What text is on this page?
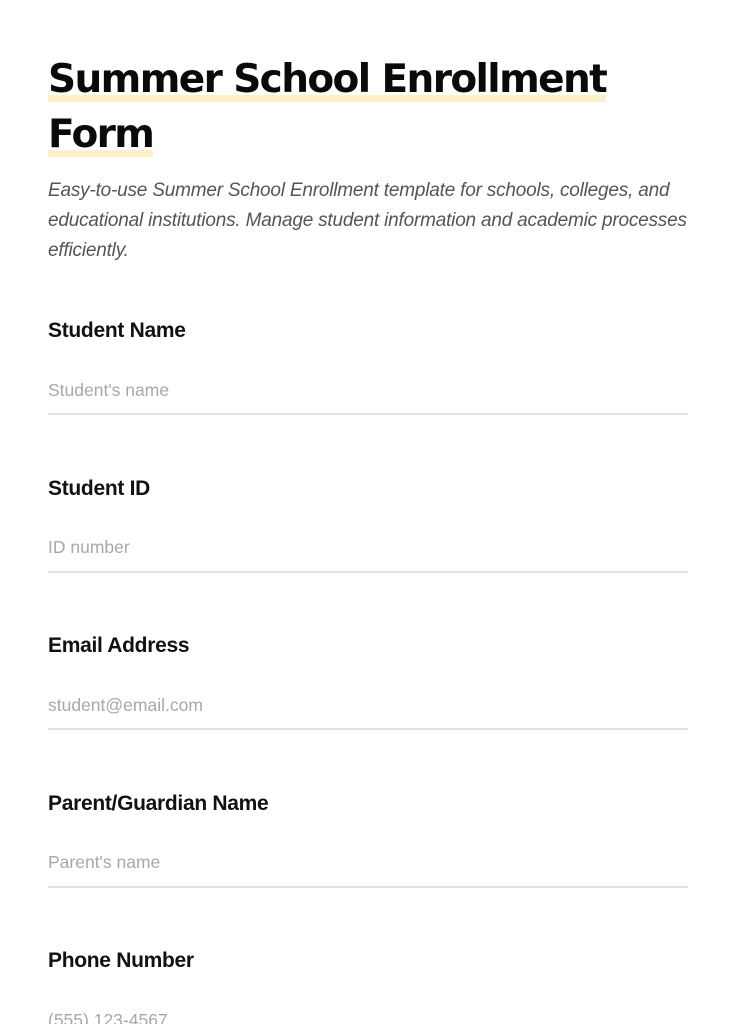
Summer School Enrollment Form

Easy-to-use Summer School Enrollment template for schools, colleges, and educational institutions. Manage student information and academic processes efficiently.

Student Name
Student's name
Student ID
ID number
Email Address
student@email.com
Parent/Guardian Name
Parent's name
Phone Number
(555) 123-4567
